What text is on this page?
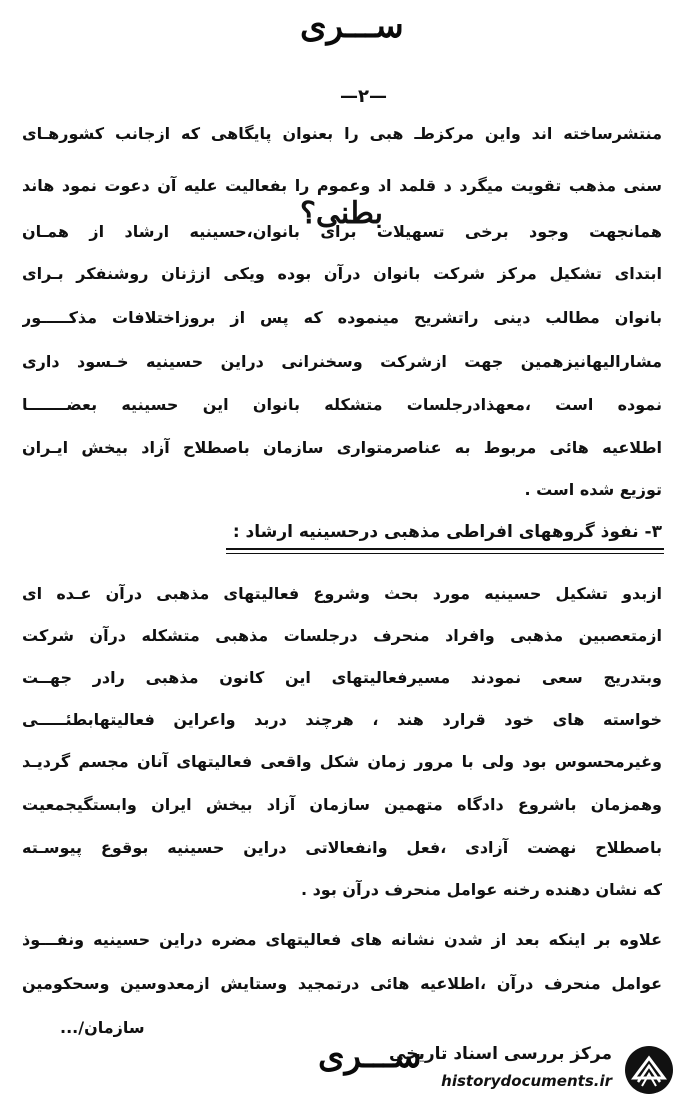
ســـری
—۲—
منتشرساخته اند واین مرکزطـ هبی را بعنوان پایگاهی که ازجانب کشورهـای
سنی مذهب تقویت میگرد د قلمد اد وعموم را بفعالیت علیه آن دعوت نمود هاند
بطنی؟
همانجهت وجود برخی تسهیلات برای بانوان،حسینیه ارشاد از همـان
ابتدای تشکیل مرکز شرکت بانوان درآن بوده ویکی ازژنان روشنفکر بـرای
بانوان مطالب دینی راتشریح مینموده که پس از بروزاختلافات مذکـــــور
مشارالیهانیزهمین جهت ازشرکت وسخنرانی دراین حسینیه خـسود داری
نموده است ،معهذادرجلسات متشکله بانوان این حسینیه بعضـــــــا
اطلاعیه هائی مربوط به عناصرمتواری سازمان باصطلاح آزاد بیخش ایـران
توزیع شده است .
۳- نفوذ گروههای افراطی مذهبی درحسینیه ارشاد :
ازبدو تشکیل حسینیه مورد بحث وشروع فعالیتهای مذهبی درآن عـده ای
ازمتعصبین مذهبی وافراد منحرف درجلسات مذهبی متشکله درآن شرکت
وبتدریج سعی نمودند مسیرفعالیتهای این کانون مذهبی رادر جهــت
خواسته های خود قرارد هند ، هرچند دربد واعراین فعالیتهابطئـــــی
وغیرمحسوس بود ولی با مرور زمان شکل واقعی فعالیتهای آنان مجسم گردیـد
وهمزمان باشروع دادگاه متهمین سازمان آزاد بیخش ایران وابستگیجمعیت
باصطلاح نهضت آزادی ،فعل وانفعالاتی دراین حسینیه بوقوع پیوسـته
که نشان دهنده رخنه عوامل منحرف درآن بود .
علاوه بر اینکه بعد از شدن نشانه های فعالیتهای مضره دراین حسینیه ونفـــوذ
عوامل منحرف درآن ،اطلاعیه هائی درتمجید وستایش ازمعدوسین وسحکومین
سازمان/...
ســـری
مرکز بررسی اسناد تاریخی
historydocuments.ir
